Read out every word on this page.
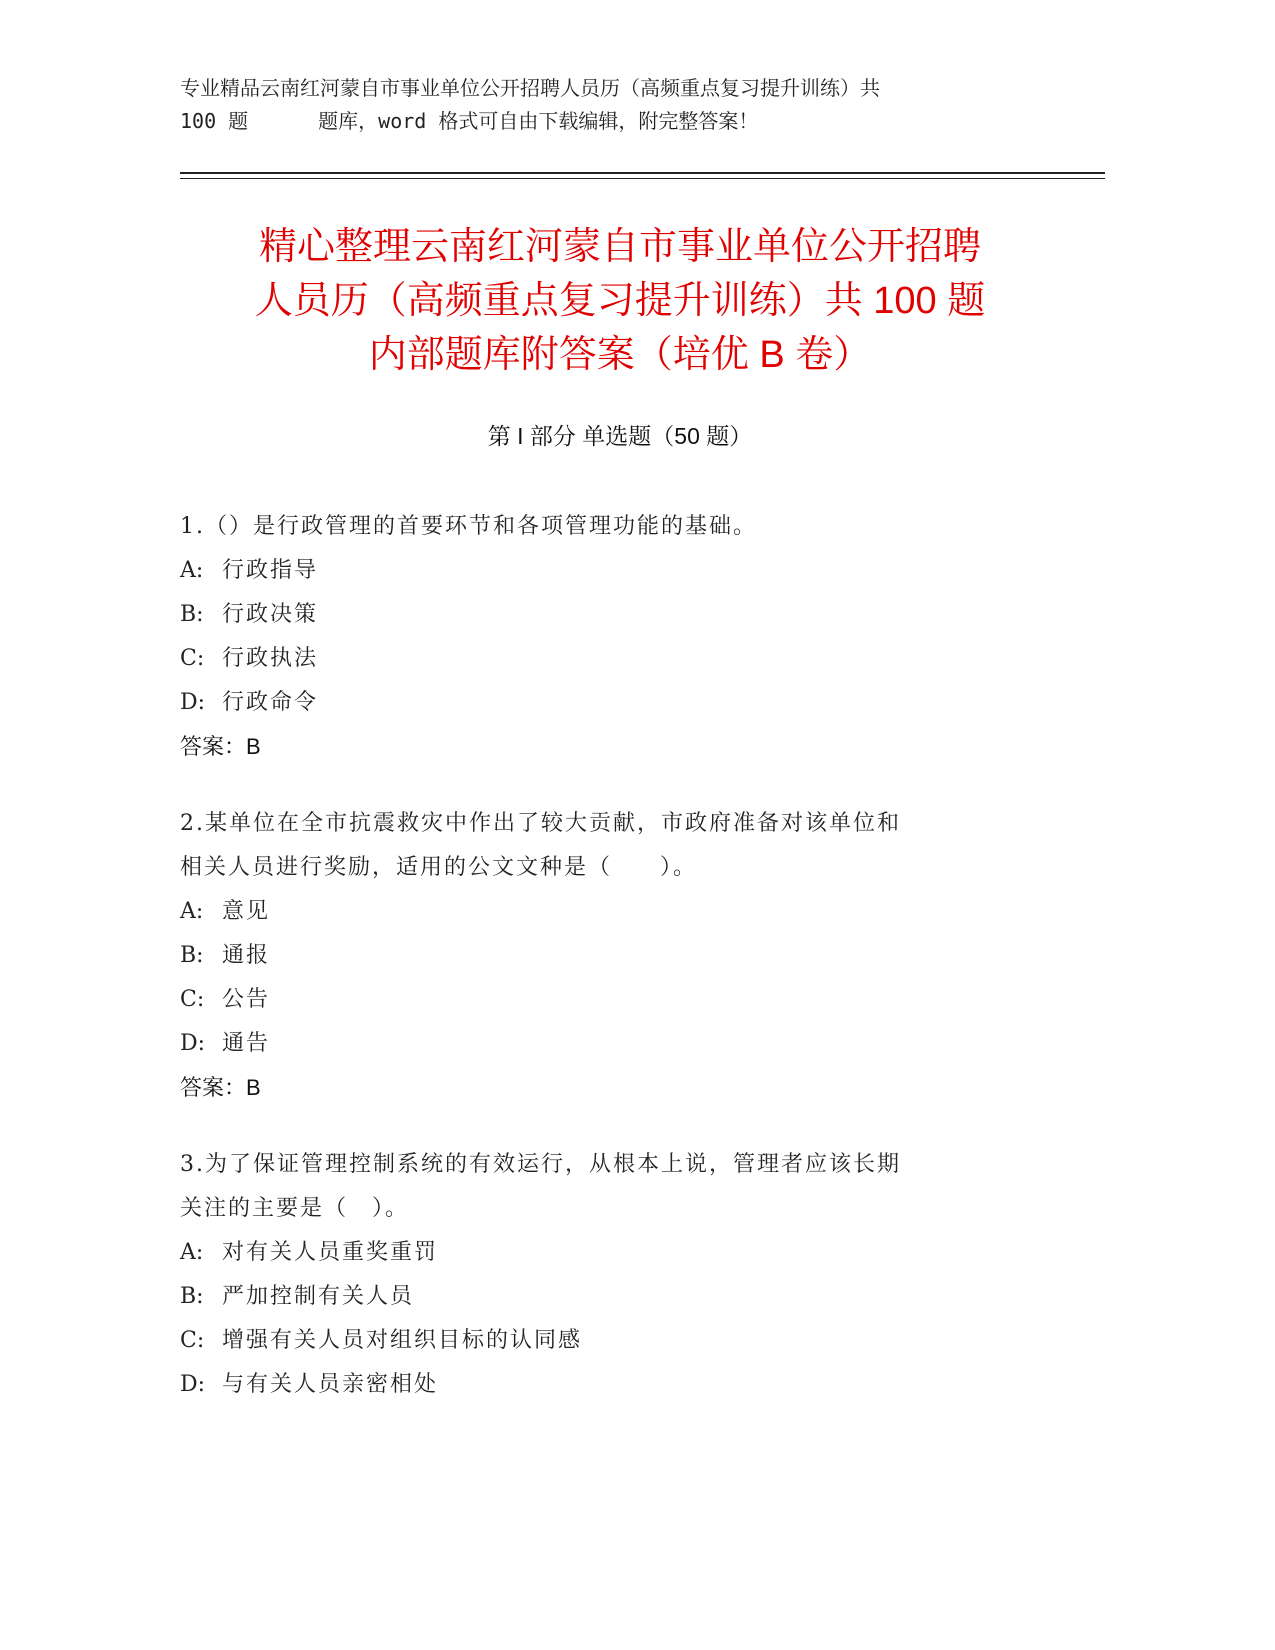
专业精品云南红河蒙自市事业单位公开招聘人员历（高频重点复习提升训练）共
100 题	题库，word 格式可自由下载编辑，附完整答案！
精心整理云南红河蒙自市事业单位公开招聘
人员历（高频重点复习提升训练）共 100 题
内部题库附答案（培优 B 卷）
第 I 部分 单选题（50 题）
1.（）是行政管理的首要环节和各项管理功能的基础。
A: 行政指导
B: 行政决策
C: 行政执法
D: 行政命令
答案：B
2.某单位在全市抗震救灾中作出了较大贡献，市政府准备对该单位和
相关人员进行奖励，适用的公文文种是（　　）。
A: 意见
B: 通报
C: 公告
D: 通告
答案：B
3.为了保证管理控制系统的有效运行，从根本上说，管理者应该长期
关注的主要是（　）。
A: 对有关人员重奖重罚
B: 严加控制有关人员
C: 增强有关人员对组织目标的认同感
D: 与有关人员亲密相处
